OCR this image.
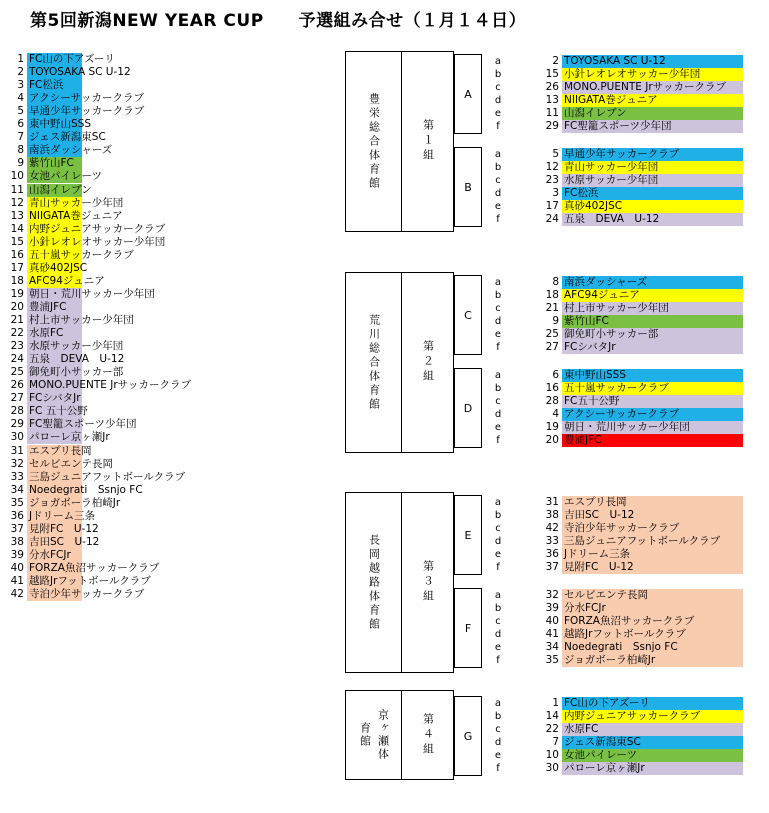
第5回新潟NEW YEAR CUP　　予選組み合せ（１月１４日）
1 FC山の下アズーリ
2 TOYOSAKA SC U-12
3 FC松浜
4 アクシーサッカークラブ
5 早通少年サッカークラブ
6 東中野山SSS
7 ジェス新潟東SC
8 南浜ダッシャーズ
9 紫竹山FC
10 女池パイレーツ
11 山潟イレブン
12 青山サッカー少年団
13 NIIGATA巻ジュニア
14 内野ジュニアサッカークラブ
15 小針レオレオサッカー少年団
16 五十嵐サッカークラブ
17 真砂402JSC
18 AFC94ジュニア
19 朝日・荒川サッカー少年団
20 豊浦JFC
21 村上市サッカー少年団
22 水原FC
23 水原サッカー少年団
24 五泉　DEVA　U-12
25 御免町小サッカー部
26 MONO.PUENTE Jrサッカークラブ
27 FCシバタJr
28 FC 五十公野
29 FC聖籠スポーツ少年団
30 パローレ京ヶ瀬Jr
31 エスプリ長岡
32 セルビエンテ長岡
33 三島ジュニアフットボールクラブ
34 Noedegrati　Ssnjo FC
35 ジョガボーラ柏崎Jr
36 Jドリーム三条
37 見附FC　U-12
38 吉田SC　U-12
39 分水FCJr
40 FORZA魚沼サッカークラブ
41 越路Jrフットボールクラブ
42 寺泊少年サッカークラブ
豊栄総合体育館	第１組
荒川総合体育館	第２組
長岡越路体育館	第３組
京ヶ瀬体育館	第４組
A
a	2 TOYOSAKA SC U-12
b	15 小針レオレオサッカー少年団
c	26 MONO.PUENTE Jrサッカークラブ
d	13 NIIGATA巻ジュニア
e	11 山潟イレブン
f	29 FC聖籠スポーツ少年団
B
a	5 早通少年サッカークラブ
b	12 青山サッカー少年団
c	23 水原サッカー少年団
d	3 FC松浜
e	17 真砂402JSC
f	24 五泉　DEVA　U-12
C
a	8 南浜ダッシャーズ
b	18 AFC94ジュニア
c	21 村上市サッカー少年団
d	9 紫竹山FC
e	25 御免町小サッカー部
f	27 FCシバタJr
D
a	6 東中野山SSS
b	16 五十嵐サッカークラブ
c	28 FC五十公野
d	4 アクシーサッカークラブ
e	19 朝日・荒川サッカー少年団
f	20 豊浦JFC
E
a	31 エスプリ長岡
b	38 吉田SC　U-12
c	42 寺泊少年サッカークラブ
d	33 三島ジュニアフットボールクラブ
e	36 Jドリーム三条
f	37 見附FC　U-12
F
a	32 セルビエンテ長岡
b	39 分水FCJr
c	40 FORZA魚沼サッカークラブ
d	41 越路Jrフットボールクラブ
e	34 Noedegrati　Ssnjo FC
f	35 ジョガボーラ柏崎Jr
G
a	1 FC山の下アズーリ
b	14 内野ジュニアサッカークラブ
c	22 水原FC
d	7 ジェス新潟東SC
e	10 女池パイレーツ
f	30 パローレ京ヶ瀬Jr
